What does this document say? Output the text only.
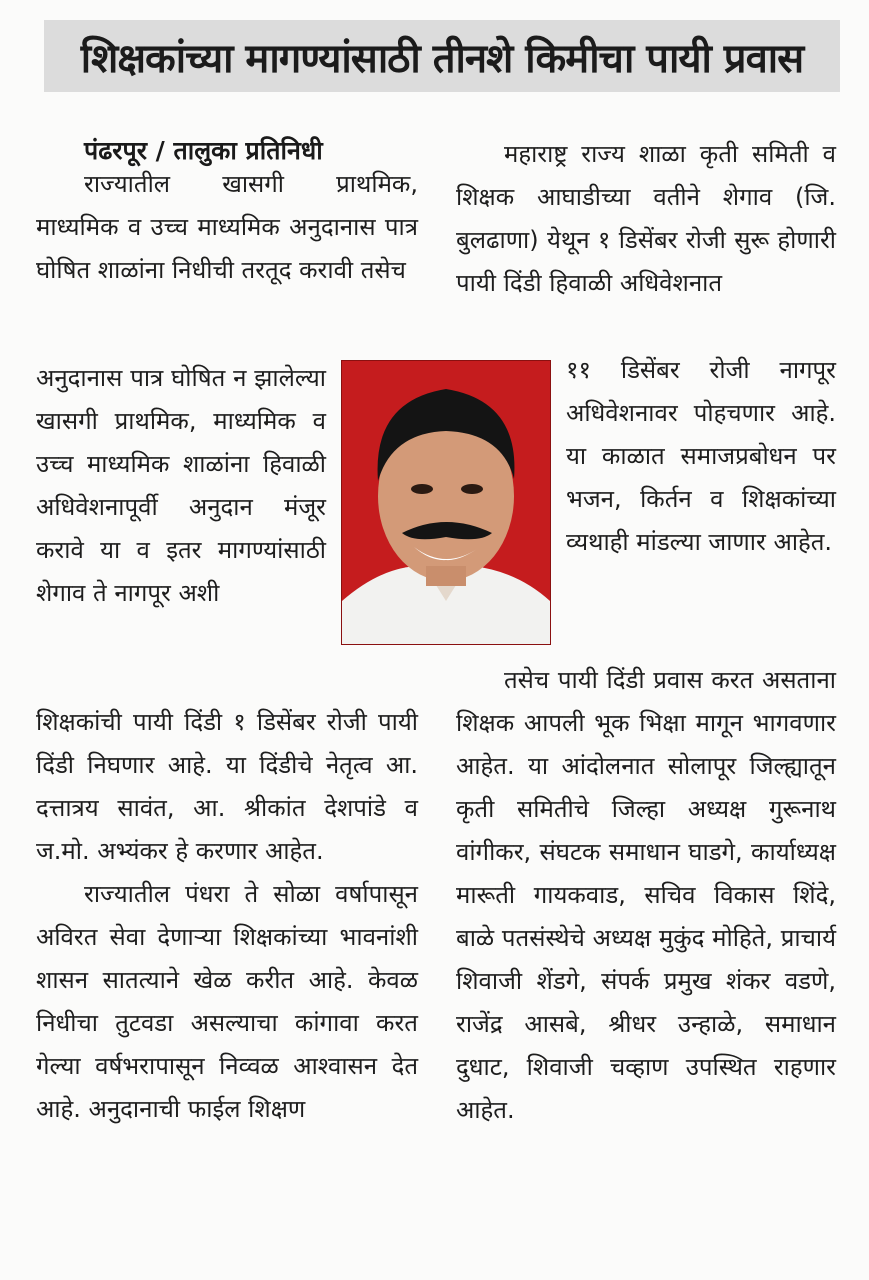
शिक्षकांच्या मागण्यांसाठी तीनशे किमीचा पायी प्रवास
पंढरपूर / तालुका प्रतिनिधी

राज्यातील खासगी प्राथमिक, माध्यमिक व उच्च माध्यमिक अनुदानास पात्र घोषित शाळांना निधीची तरतूद करावी तसेच

अनुदानास पात्र घोषित न झालेल्या खासगी प्राथमिक, माध्यमिक व उच्च माध्यमिक शाळांना हिवाळी अधिवेशनापूर्वी अनुदान मंजूर करावे या व इतर मागण्यांसाठी शेगाव ते नागपूर अशी

शिक्षकांची पायी दिंडी १ डिसेंबर रोजी पायी दिंडी निघणार आहे. या दिंडीचे नेतृत्व आ. दत्तात्रय सावंत, आ. श्रीकांत देशपांडे व ज.मो. अभ्यंकर हे करणार आहेत.

राज्यातील पंधरा ते सोळा वर्षापासून अविरत सेवा देणाऱ्या शिक्षकांच्या भावनांशी शासन सातत्याने खेळ करीत आहे. केवळ निधीचा तुटवडा असल्याचा कांगावा करत गेल्या वर्षभरापासून निव्वळ आश्वासन देत आहे. अनुदानाची फाईल शिक्षण

महाराष्ट्र राज्य शाळा कृती समिती व शिक्षक आघाडीच्या वतीने शेगाव (जि. बुलढाणा) येथून १ डिसेंबर रोजी सुरू होणारी पायी दिंडी हिवाळी अधिवेशनात

११ डिसेंबर रोजी नागपूर अधिवेशनावर पोहचणार आहे. या काळात समाजप्रबोधन पर भजन, किर्तन व शिक्षकांच्या व्यथाही मांडल्या जाणार आहेत.

तसेच पायी दिंडी प्रवास करत असताना शिक्षक आपली भूक भिक्षा मागून भागवणार आहेत. या आंदोलनात सोलापूर जिल्ह्यातून कृती समितीचे जिल्हा अध्यक्ष गुरूनाथ वांगीकर, संघटक समाधान घाडगे, कार्याध्यक्ष मारूती गायकवाड, सचिव विकास शिंदे, बाळे पतसंस्थेचे अध्यक्ष मुकुंद मोहिते, प्राचार्य शिवाजी शेंडगे, संपर्क प्रमुख शंकर वडणे, राजेंद्र आसबे, श्रीधर उन्हाळे, समाधान दुधाट, शिवाजी चव्हाण उपस्थित राहणार आहेत.
